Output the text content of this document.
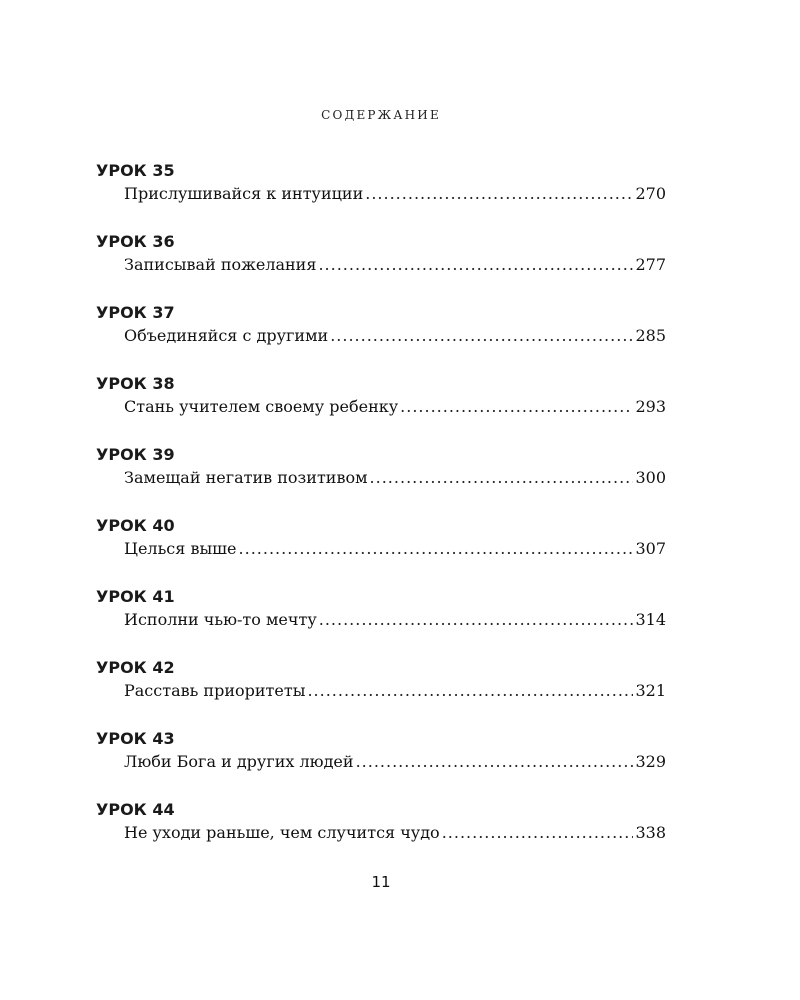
СОДЕРЖАНИЕ
УРОК 35
Прислушивайся к интуиции .....	270
УРОК 36
Записывай пожелания .....	277
УРОК 37
Объединяйся с другими .....	285
УРОК 38
Стань учителем своему ребенку .....	293
УРОК 39
Замещай негатив позитивом .....	300
УРОК 40
Целься выше .....	307
УРОК 41
Исполни чью-то мечту .....	314
УРОК 42
Расставь приоритеты .....	321
УРОК 43
Люби Бога и других людей .....	329
УРОК 44
Не уходи раньше, чем случится чудо .....	338
11
